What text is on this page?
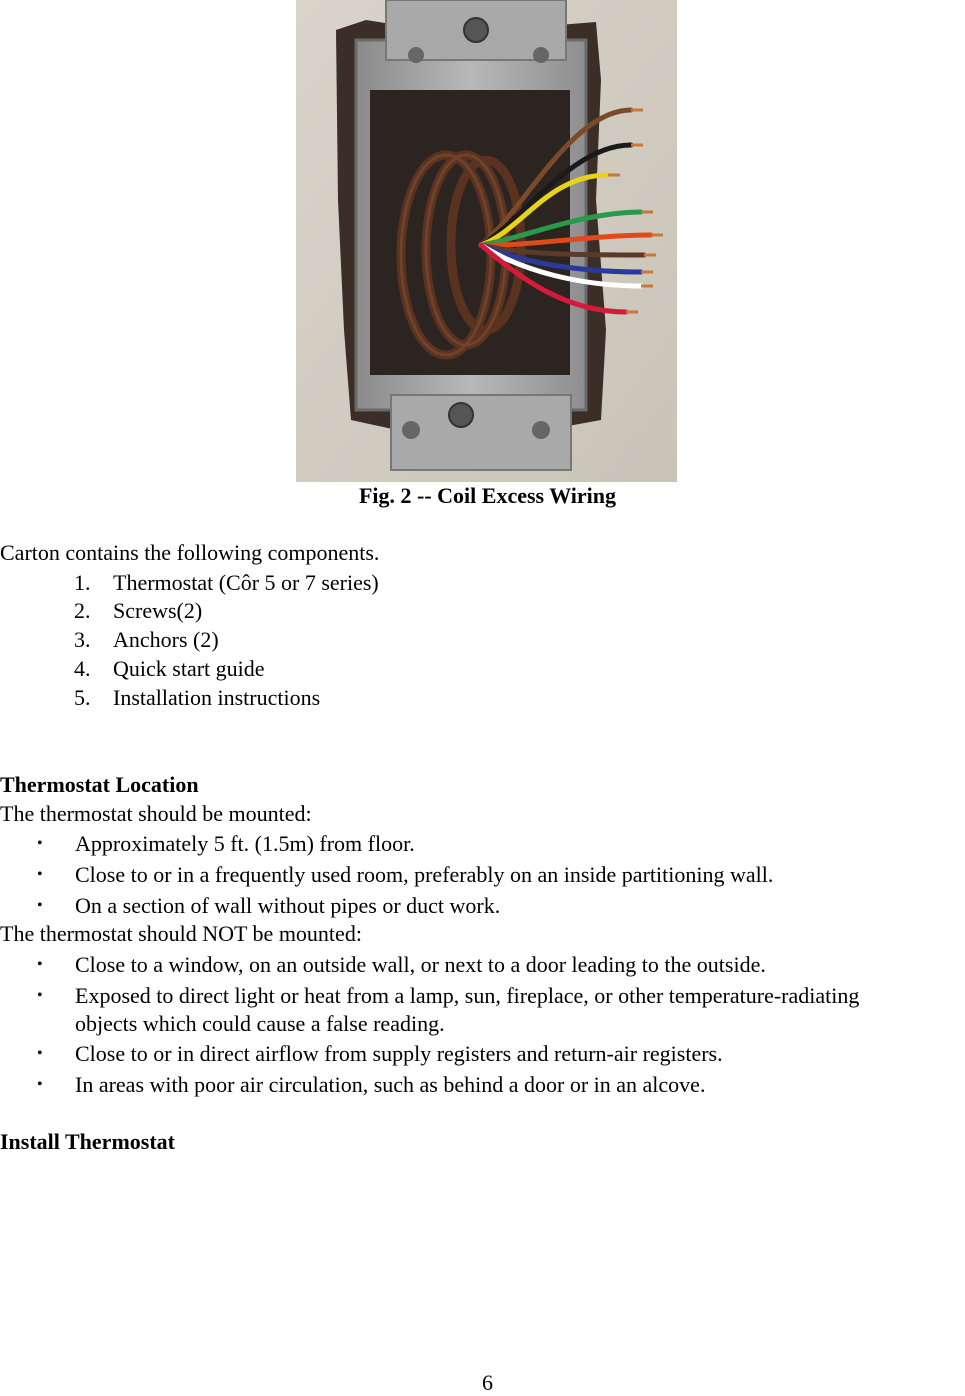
Fig. 2 -- Coil Excess Wiring
Carton contains the following components.
1. Thermostat (Côr 5 or 7 series)
2. Screws(2)
3. Anchors (2)
4. Quick start guide
5. Installation instructions
Thermostat Location
The thermostat should be mounted:
• Approximately 5 ft. (1.5m) from floor.
• Close to or in a frequently used room, preferably on an inside partitioning wall.
• On a section of wall without pipes or duct work.
The thermostat should NOT be mounted:
• Close to a window, on an outside wall, or next to a door leading to the outside.
• Exposed to direct light or heat from a lamp, sun, fireplace, or other temperature-radiating
objects which could cause a false reading.
• Close to or in direct airflow from supply registers and return-air registers.
• In areas with poor air circulation, such as behind a door or in an alcove.
Install Thermostat
6
